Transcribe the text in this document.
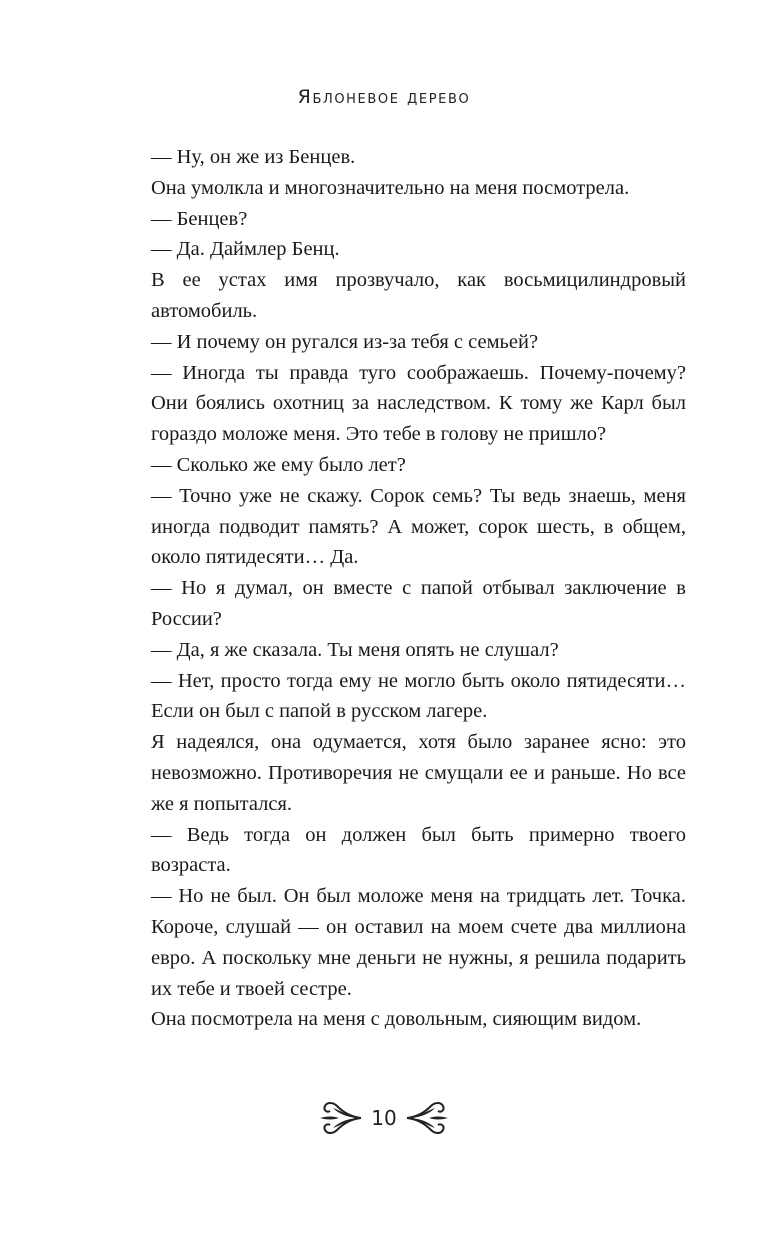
Яблоневое дерево

— Ну, он же из Бенцев.

Она умолкла и многозначительно на меня посмотрела.

— Бенцев?

— Да. Даймлер Бенц.

В ее устах имя прозвучало, как восьмицилиндровый автомобиль.

— И почему он ругался из-за тебя с семьей?

— Иногда ты правда туго соображаешь. Почему-почему? Они боялись охотниц за наследством. К тому же Карл был гораздо моложе меня. Это тебе в голову не пришло?

— Сколько же ему было лет?

— Точно уже не скажу. Сорок семь? Ты ведь знаешь, меня иногда подводит память? А может, сорок шесть, в общем, около пятидесяти… Да.

— Но я думал, он вместе с папой отбывал заключение в России?

— Да, я же сказала. Ты меня опять не слушал?

— Нет, просто тогда ему не могло быть около пятидесяти… Если он был с папой в русском лагере.

Я надеялся, она одумается, хотя было заранее ясно: это невозможно. Противоречия не смущали ее и раньше. Но все же я попытался.

— Ведь тогда он должен был быть примерно твоего возраста.

— Но не был. Он был моложе меня на тридцать лет. Точка. Короче, слушай — он оставил на моем счете два миллиона евро. А поскольку мне деньги не нужны, я решила подарить их тебе и твоей сестре.

Она посмотрела на меня с довольным, сияющим видом.

10
